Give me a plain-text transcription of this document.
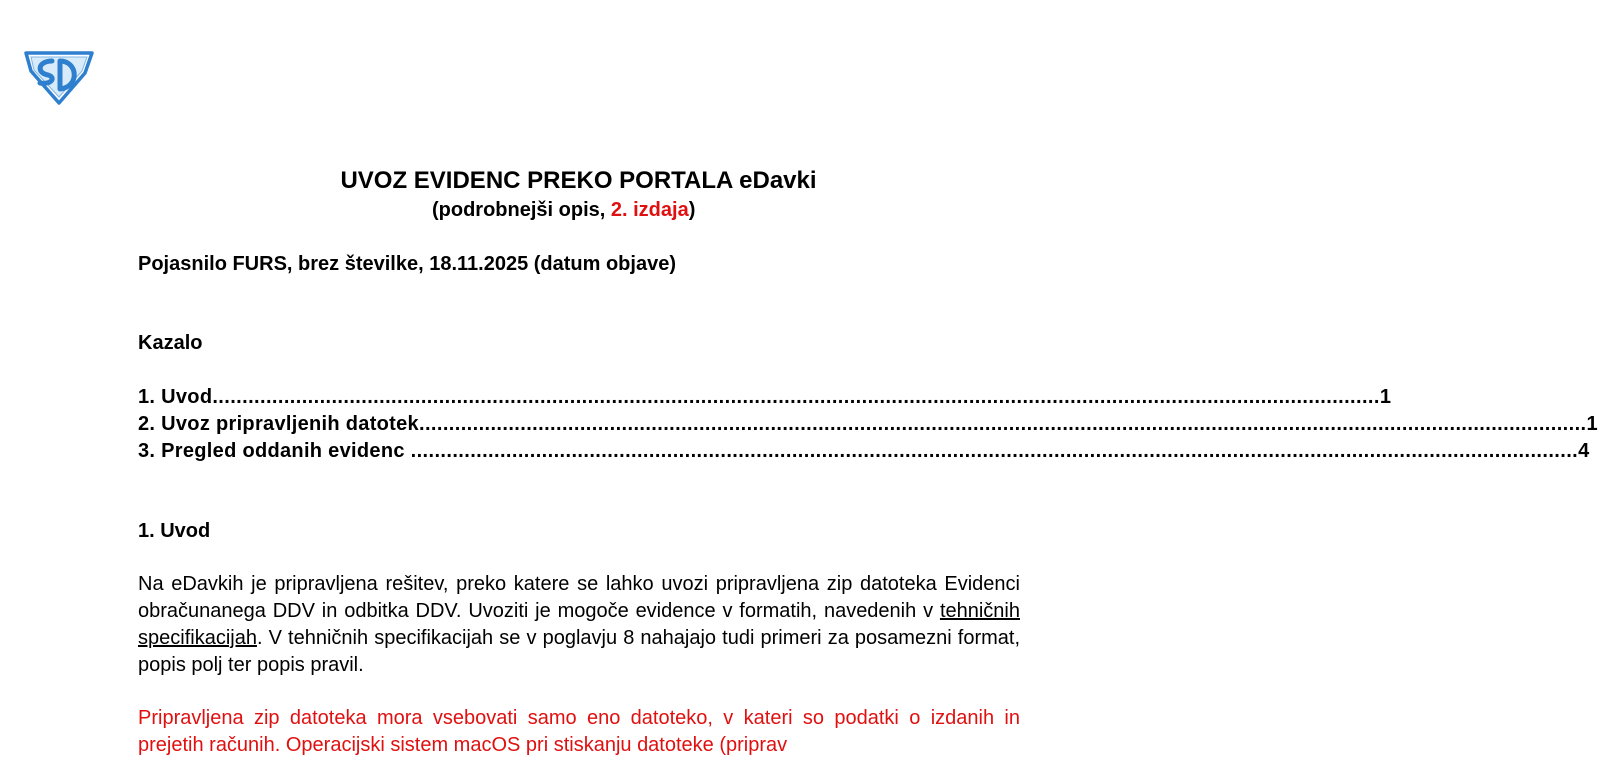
UVOZ EVIDENC PREKO PORTALA eDavki
(podrobnejši opis, 2. izdaja)
Pojasnilo FURS, brez številke, 18.11.2025 (datum objave)
Kazalo
1. Uvod .................................................................................................................................................................................................... 1
2. Uvoz pripravljenih datotek .................................................................................................................................................................................................... 1
3. Pregled oddanih evidenc .................................................................................................................................................................................................... 4
1. Uvod
Na eDavkih je pripravljena rešitev, preko katere se lahko uvozi pripravljena zip datoteka Evidenci obračunanega DDV in odbitka DDV. Uvoziti je mogoče evidence v formatih, navedenih v tehničnih specifikacijah. V tehničnih specifikacijah se v poglavju 8 nahajajo tudi primeri za posamezni format, popis polj ter popis pravil.
Pripravljena zip datoteka mora vsebovati samo eno datoteko, v kateri so podatki o izdanih in prejetih računih. Operacijski sistem macOS pri stiskanju datoteke (priprav
